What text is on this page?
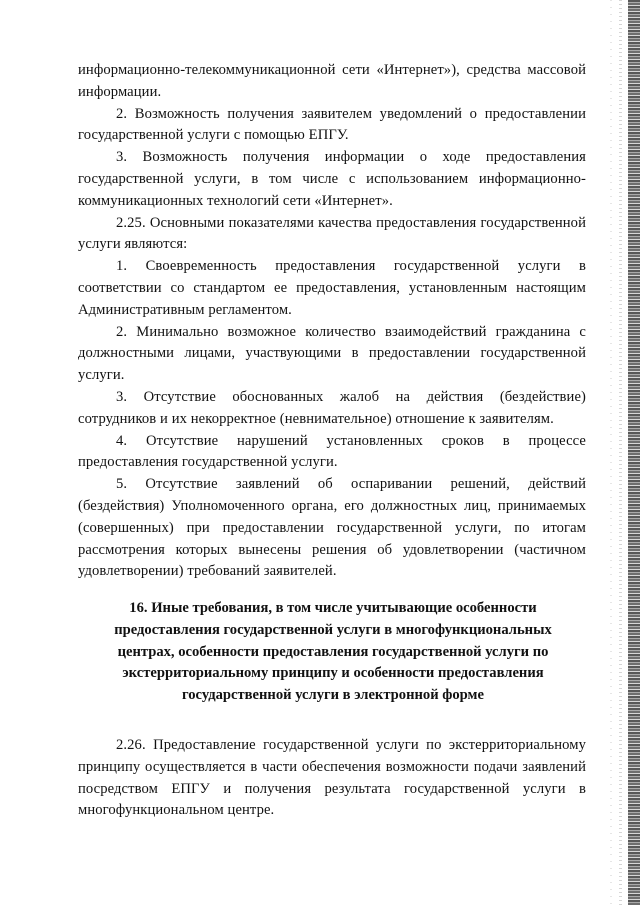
информационно-телекоммуникационной сети «Интернет»), средства массовой информации.

2. Возможность получения заявителем уведомлений о предоставлении государственной услуги с помощью ЕПГУ.

3. Возможность получения информации о ходе предоставления государственной услуги, в том числе с использованием информационно-коммуникационных технологий сети «Интернет».

2.25. Основными показателями качества предоставления государственной услуги являются:

1. Своевременность предоставления государственной услуги в соответствии со стандартом ее предоставления, установленным настоящим Административным регламентом.

2. Минимально возможное количество взаимодействий гражданина с должностными лицами, участвующими в предоставлении государственной услуги.

3. Отсутствие обоснованных жалоб на действия (бездействие) сотрудников и их некорректное (невнимательное) отношение к заявителям.

4. Отсутствие нарушений установленных сроков в процессе предоставления государственной услуги.

5. Отсутствие заявлений об оспаривании решений, действий (бездействия) Уполномоченного органа, его должностных лиц, принимаемых (совершенных) при предоставлении государственной услуги, по итогам рассмотрения которых вынесены решения об удовлетворении (частичном удовлетворении) требований заявителей.

16. Иные требования, в том числе учитывающие особенности
предоставления государственной услуги в многофункциональных
центрах, особенности предоставления государственной услуги по
экстерриториальному принципу и особенности предоставления
государственной услуги в электронной форме

2.26. Предоставление государственной услуги по экстерриториальному принципу осуществляется в части обеспечения возможности подачи заявлений посредством ЕПГУ и получения результата государственной услуги в многофункциональном центре.
